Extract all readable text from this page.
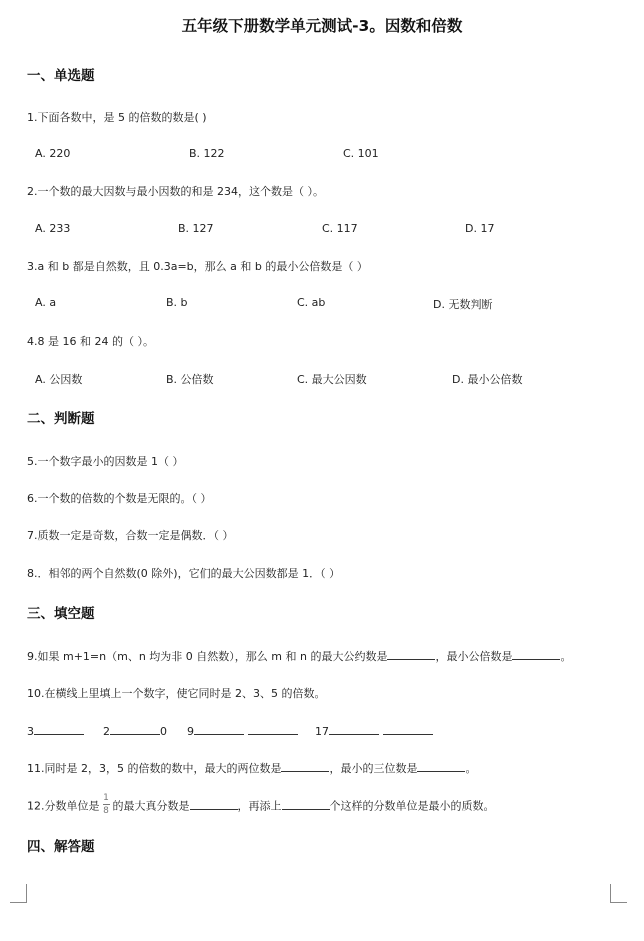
五年级下册数学单元测试-3。因数和倍数
一、单选题
1.下面各数中，是 5 的倍数的数是( )
A. 220	B. 122	C. 101
2.一个数的最大因数与最小因数的和是 234，这个数是（ ）。
A. 233	B. 127	C. 117	D. 17
3.a 和 b 都是自然数，且 0.3a=b，那么 a 和 b 的最小公倍数是（ ）
A. a	B. b	C. ab	D. 无数判断
4.8 是 16 和 24 的（ ）。
A. 公因数	B. 公倍数	C. 最大公因数	D. 最小公倍数
二、判断题
5.一个数字最小的因数是 1（ ）
6.一个数的倍数的个数是无限的。（ ）
7.质数一定是奇数，合数一定是偶数．（ ）
8.．相邻的两个自然数(0 除外)，它们的最大公因数都是 1．（ ）
三、填空题
9.如果 m+1=n（m、n 均为非 0 自然数），那么 m 和 n 的最大公约数是	，最小公倍数是	。
10.在横线上里填上一个数字，使它同时是 2、3、5 的倍数。
3	2	0 9	17
11.同时是 2，3，5 的倍数的数中，最大的两位数是	，最小的三位数是	。
12.分数单位是 $\frac{1}{8}$ 的最大真分数是	，再添上	个这样的分数单位是最小的质数。
四、解答题
